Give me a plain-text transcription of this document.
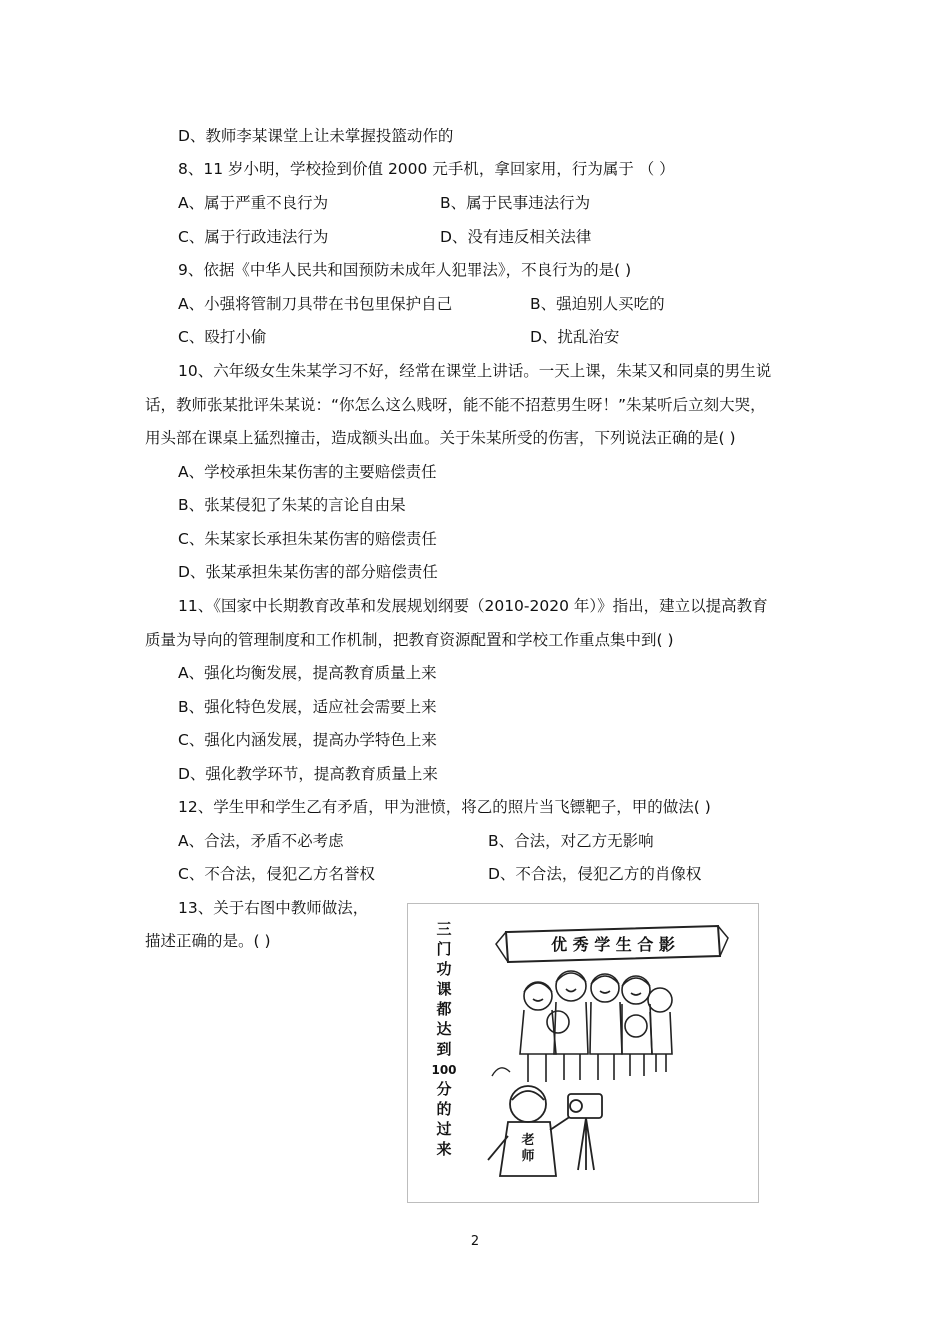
D、教师李某课堂上让未掌握投篮动作的
8、11 岁小明，学校捡到价值 2000 元手机，拿回家用，行为属于 （ ）
A、属于严重不良行为	B、属于民事违法行为
C、属于行政违法行为	D、没有违反相关法律
9、依据《中华人民共和国预防未成年人犯罪法》，不良行为的是( )
A、小强将管制刀具带在书包里保护自己	B、强迫别人买吃的
C、殴打小偷	D、扰乱治安
10、六年级女生朱某学习不好，经常在课堂上讲话。一天上课，朱某又和同桌的男生说
话，教师张某批评朱某说：“你怎么这么贱呀，能不能不招惹男生呀！”朱某听后立刻大哭，
用头部在课桌上猛烈撞击，造成额头出血。关于朱某所受的伤害，下列说法正确的是( )
A、学校承担朱某伤害的主要赔偿责任
B、张某侵犯了朱某的言论自由杲
C、朱某家长承担朱某伤害的赔偿责任
D、张某承担朱某伤害的部分赔偿责任
11、《国家中长期教育改革和发展规划纲要（2010-2020 年）》指出，建立以提高教育
质量为导向的管理制度和工作机制，把教育资源配置和学校工作重点集中到( )
A、强化均衡发展，提高教育质量上来
B、强化特色发展，适应社会需要上来
C、强化内涵发展，提高办学特色上来
D、强化教学环节，提高教育质量上来
12、学生甲和学生乙有矛盾，甲为泄愤，将乙的照片当飞镖靶子，甲的做法( )
A、合法，矛盾不必考虑	B、合法，对乙方无影响
C、不合法，侵犯乙方名誉权	D、不合法，侵犯乙方的肖像权
13、关于右图中教师做法，
描述正确的是。( )	优 秀 学 生 合 影
三
门
功
课
都
达
到
100
分
的
过
来	老
师
2
